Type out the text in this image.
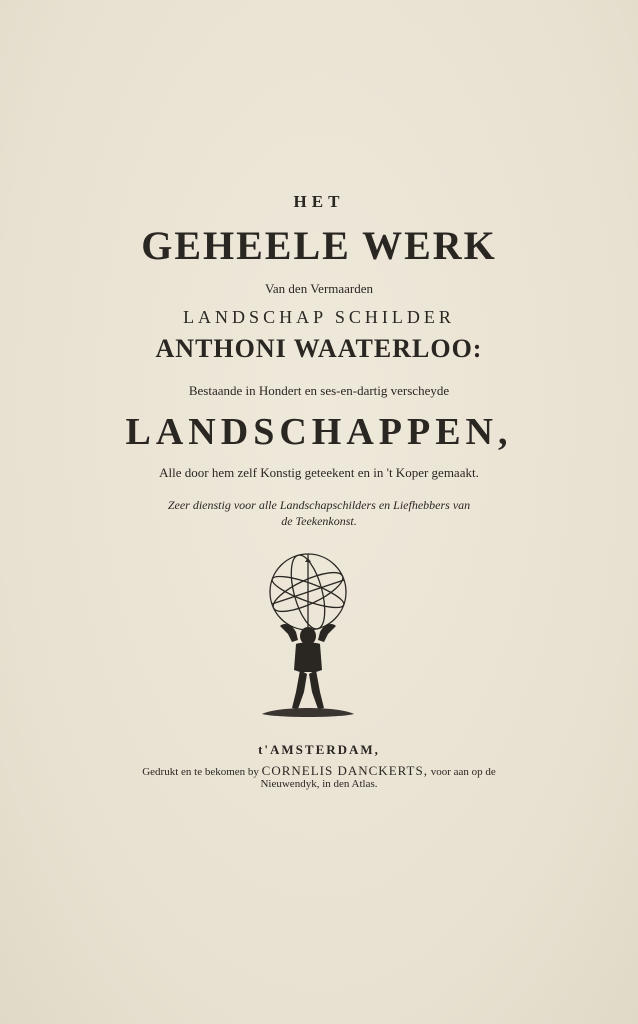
HET
GEHEELE WERK
Van den Vermaarden
LANDSCHAP SCHILDER
ANTHONI WAATERLOO:
Bestaande in Hondert en ses-en-dartig verscheyde
LANDSCHAPPEN,
Alle door hem zelf Konstig geteekent en in 't Koper gemaakt.
Zeer dienstig voor alle Landschapschilders en Liefhebbers van
de Teekenkonst.
t'AMSTERDAM,
Gedrukt en te bekomen by CORNELIS DANCKERTS, voor aan op de
Nieuwendyk, in den Atlas.
